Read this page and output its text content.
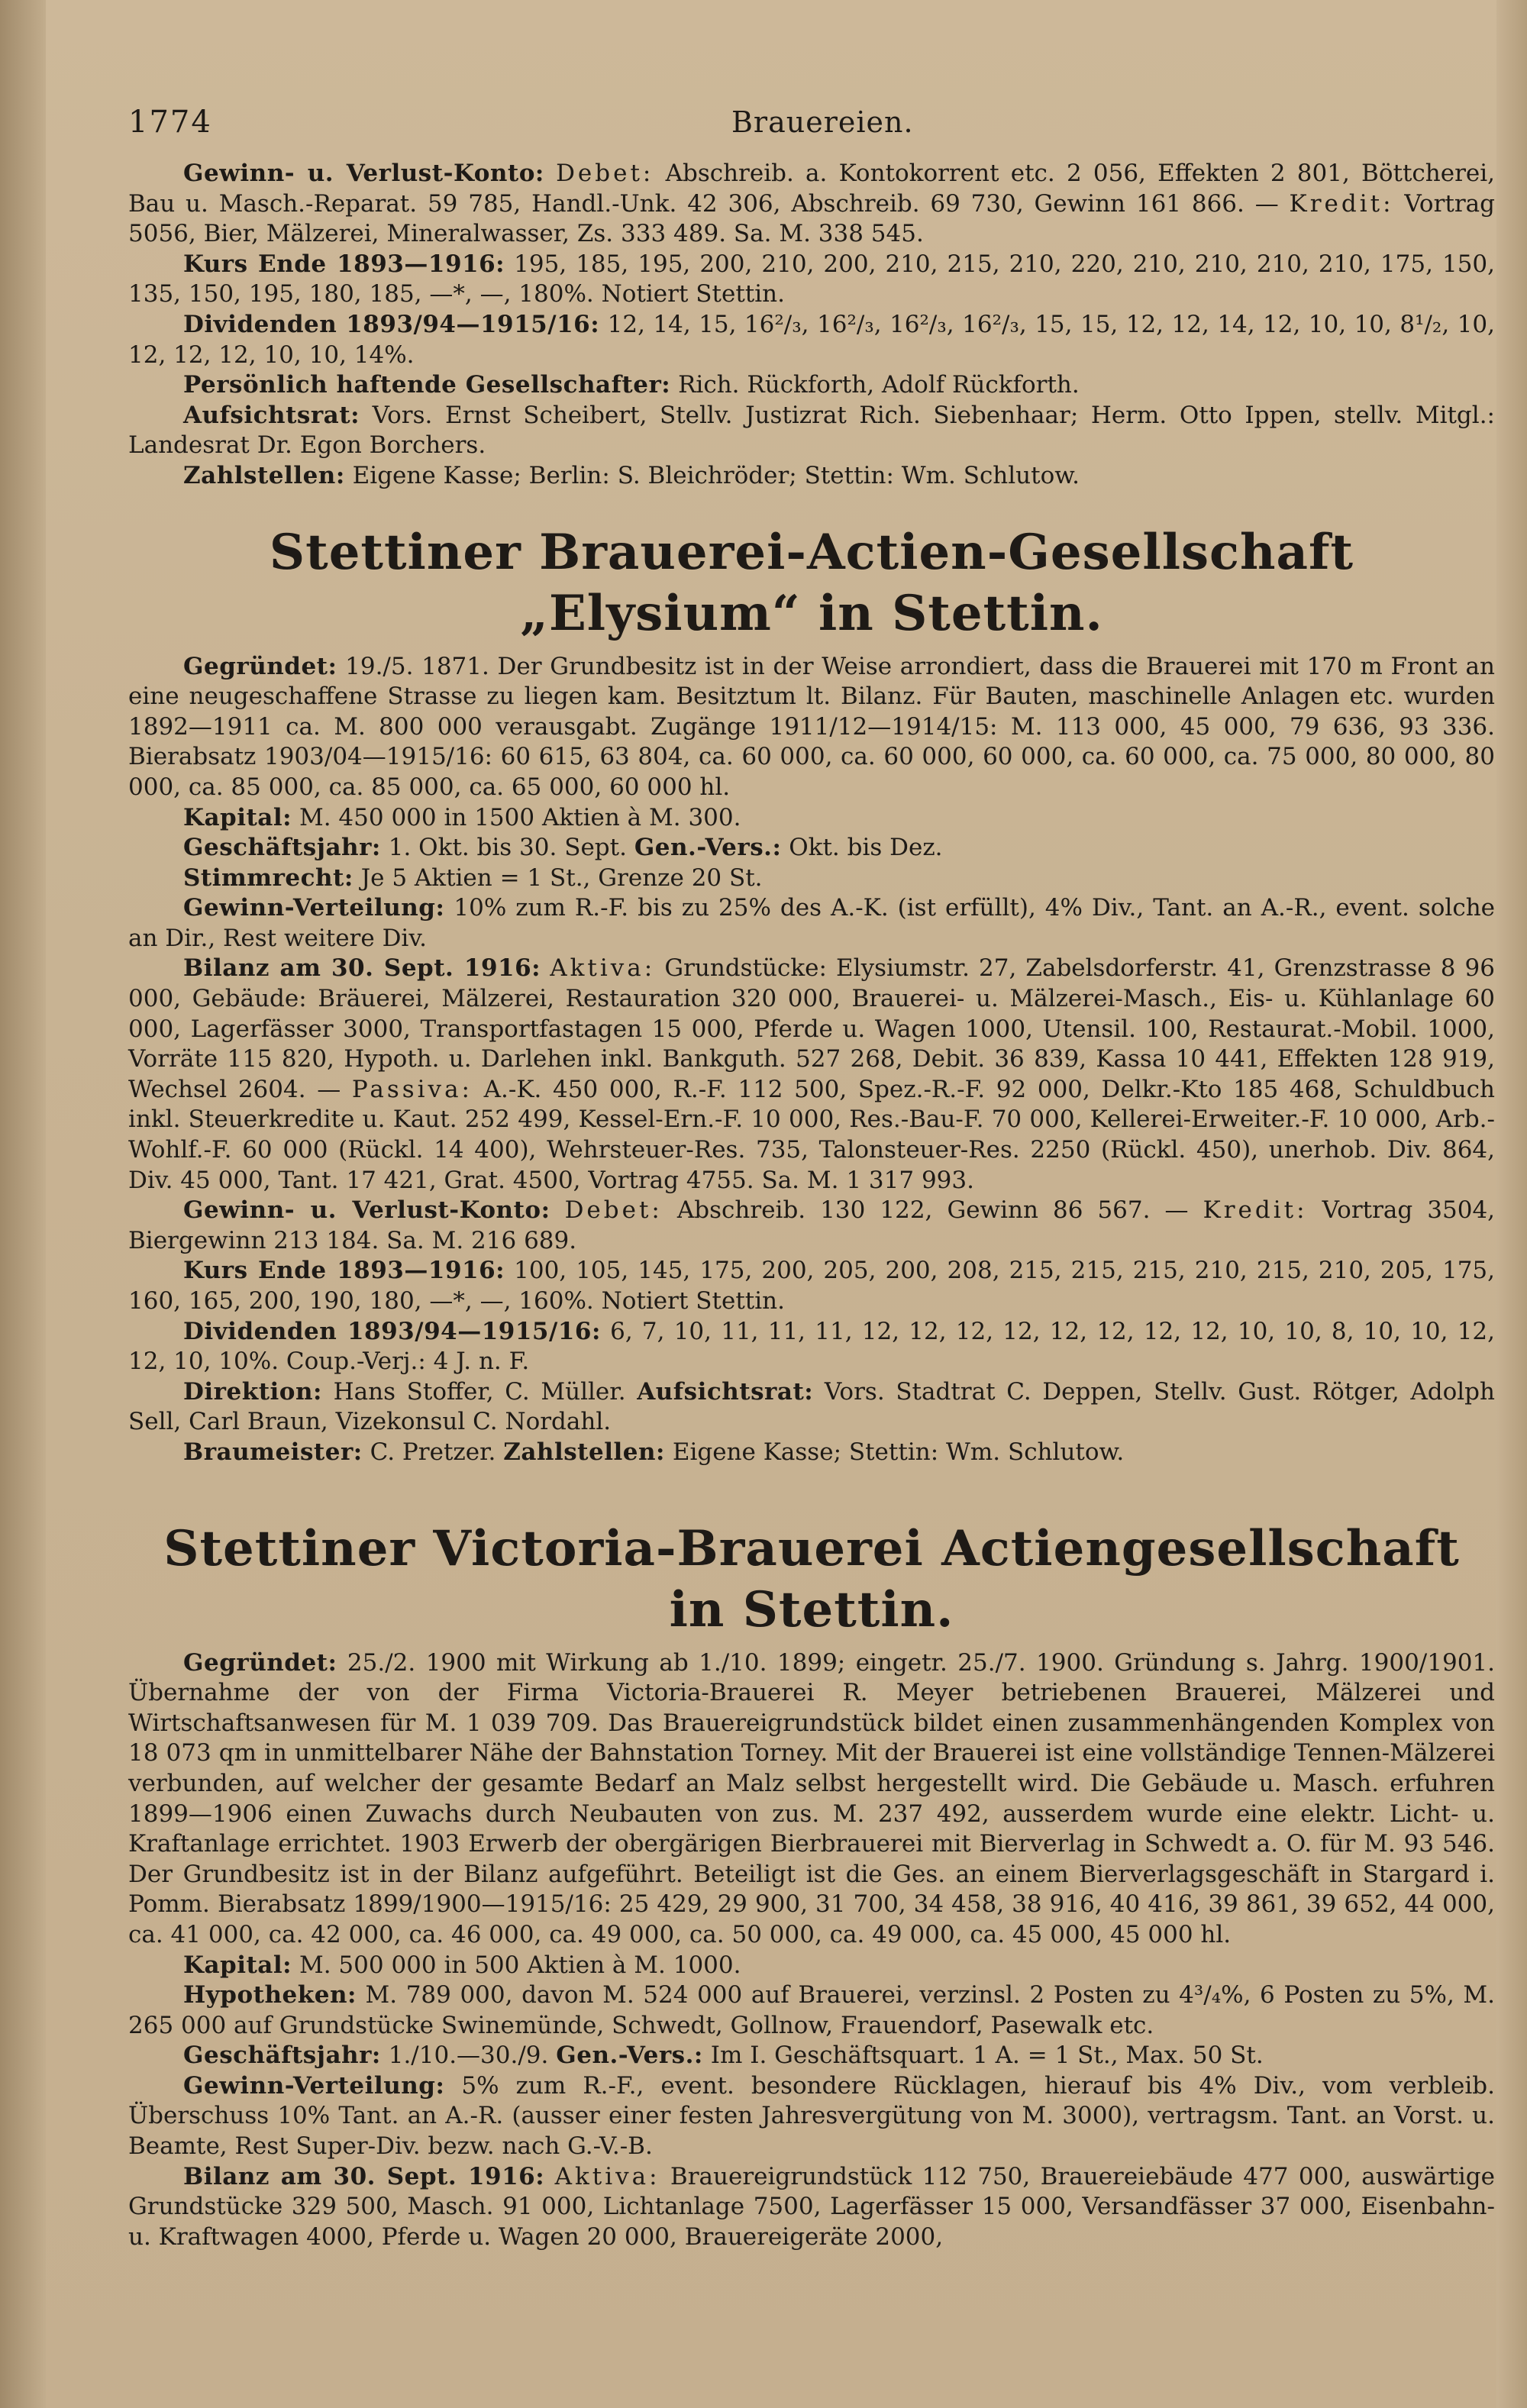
1774	Brauereien.

Gewinn- u. Verlust-Konto: Debet: Abschreib. a. Kontokorrent etc. 2 056, Effekten 2 801, Böttcherei, Bau u. Masch.-Reparat. 59 785, Handl.-Unk. 42 306, Abschreib. 69 730, Gewinn 161 866. — Kredit: Vortrag 5056, Bier, Mälzerei, Mineralwasser, Zs. 333 489. Sa. M. 338 545.

Kurs Ende 1893—1916: 195, 185, 195, 200, 210, 200, 210, 215, 210, 220, 210, 210, 210, 210, 175, 150, 135, 150, 195, 180, 185, —*, —, 180%. Notiert Stettin.

Dividenden 1893/94—1915/16: 12, 14, 15, 16²/₃, 16²/₃, 16²/₃, 16²/₃, 15, 15, 12, 12, 14, 12, 10, 10, 8¹/₂, 10, 12, 12, 12, 10, 10, 14%.

Persönlich haftende Gesellschafter: Rich. Rückforth, Adolf Rückforth.

Aufsichtsrat: Vors. Ernst Scheibert, Stellv. Justizrat Rich. Siebenhaar; Herm. Otto Ippen, stellv. Mitgl.: Landesrat Dr. Egon Borchers.

Zahlstellen: Eigene Kasse; Berlin: S. Bleichröder; Stettin: Wm. Schlutow.

Stettiner Brauerei-Actien-Gesellschaft „Elysium“ in Stettin.

Gegründet: 19./5. 1871. Der Grundbesitz ist in der Weise arrondiert, dass die Brauerei mit 170 m Front an eine neugeschaffene Strasse zu liegen kam. Besitztum lt. Bilanz. Für Bauten, maschinelle Anlagen etc. wurden 1892—1911 ca. M. 800 000 verausgabt. Zugänge 1911/12—1914/15: M. 113 000, 45 000, 79 636, 93 336. Bierabsatz 1903/04—1915/16: 60 615, 63 804, ca. 60 000, ca. 60 000, 60 000, ca. 60 000, ca. 75 000, 80 000, 80 000, ca. 85 000, ca. 85 000, ca. 65 000, 60 000 hl.

Kapital: M. 450 000 in 1500 Aktien à M. 300.

Geschäftsjahr: 1. Okt. bis 30. Sept. Gen.-Vers.: Okt. bis Dez.

Stimmrecht: Je 5 Aktien = 1 St., Grenze 20 St.

Gewinn-Verteilung: 10% zum R.-F. bis zu 25% des A.-K. (ist erfüllt), 4% Div., Tant. an A.-R., event. solche an Dir., Rest weitere Div.

Bilanz am 30. Sept. 1916: Aktiva: Grundstücke: Elysiumstr. 27, Zabelsdorferstr. 41, Grenzstrasse 8 96 000, Gebäude: Bräuerei, Mälzerei, Restauration 320 000, Brauerei- u. Mälzerei-Masch., Eis- u. Kühlanlage 60 000, Lagerfässer 3000, Transportfastagen 15 000, Pferde u. Wagen 1000, Utensil. 100, Restaurat.-Mobil. 1000, Vorräte 115 820, Hypoth. u. Darlehen inkl. Bankguth. 527 268, Debit. 36 839, Kassa 10 441, Effekten 128 919, Wechsel 2604. — Passiva: A.-K. 450 000, R.-F. 112 500, Spez.-R.-F. 92 000, Delkr.-Kto 185 468, Schuldbuch inkl. Steuerkredite u. Kaut. 252 499, Kessel-Ern.-F. 10 000, Res.-Bau-F. 70 000, Kellerei-Erweiter.-F. 10 000, Arb.-Wohlf.-F. 60 000 (Rückl. 14 400), Wehrsteuer-Res. 735, Talonsteuer-Res. 2250 (Rückl. 450), unerhob. Div. 864, Div. 45 000, Tant. 17 421, Grat. 4500, Vortrag 4755. Sa. M. 1 317 993.

Gewinn- u. Verlust-Konto: Debet: Abschreib. 130 122, Gewinn 86 567. — Kredit: Vortrag 3504, Biergewinn 213 184. Sa. M. 216 689.

Kurs Ende 1893—1916: 100, 105, 145, 175, 200, 205, 200, 208, 215, 215, 215, 210, 215, 210, 205, 175, 160, 165, 200, 190, 180, —*, —, 160%. Notiert Stettin.

Dividenden 1893/94—1915/16: 6, 7, 10, 11, 11, 11, 12, 12, 12, 12, 12, 12, 12, 12, 10, 10, 8, 10, 10, 12, 12, 10, 10%. Coup.-Verj.: 4 J. n. F.

Direktion: Hans Stoffer, C. Müller. Aufsichtsrat: Vors. Stadtrat C. Deppen, Stellv. Gust. Rötger, Adolph Sell, Carl Braun, Vizekonsul C. Nordahl.

Braumeister: C. Pretzer. Zahlstellen: Eigene Kasse; Stettin: Wm. Schlutow.

Stettiner Victoria-Brauerei Actiengesellschaft in Stettin.

Gegründet: 25./2. 1900 mit Wirkung ab 1./10. 1899; eingetr. 25./7. 1900. Gründung s. Jahrg. 1900/1901. Übernahme der von der Firma Victoria-Brauerei R. Meyer betriebenen Brauerei, Mälzerei und Wirtschaftsanwesen für M. 1 039 709. Das Brauereigrundstück bildet einen zusammenhängenden Komplex von 18 073 qm in unmittelbarer Nähe der Bahnstation Torney. Mit der Brauerei ist eine vollständige Tennen-Mälzerei verbunden, auf welcher der gesamte Bedarf an Malz selbst hergestellt wird. Die Gebäude u. Masch. erfuhren 1899—1906 einen Zuwachs durch Neubauten von zus. M. 237 492, ausserdem wurde eine elektr. Licht- u. Kraftanlage errichtet. 1903 Erwerb der obergärigen Bierbrauerei mit Bierverlag in Schwedt a. O. für M. 93 546. Der Grundbesitz ist in der Bilanz aufgeführt. Beteiligt ist die Ges. an einem Bierverlagsgeschäft in Stargard i. Pomm. Bierabsatz 1899/1900—1915/16: 25 429, 29 900, 31 700, 34 458, 38 916, 40 416, 39 861, 39 652, 44 000, ca. 41 000, ca. 42 000, ca. 46 000, ca. 49 000, ca. 50 000, ca. 49 000, ca. 45 000, 45 000 hl.

Kapital: M. 500 000 in 500 Aktien à M. 1000.

Hypotheken: M. 789 000, davon M. 524 000 auf Brauerei, verzinsl. 2 Posten zu 4³/₄%, 6 Posten zu 5%, M. 265 000 auf Grundstücke Swinemünde, Schwedt, Gollnow, Frauendorf, Pasewalk etc.

Geschäftsjahr: 1./10.—30./9. Gen.-Vers.: Im I. Geschäftsquart. 1 A. = 1 St., Max. 50 St.

Gewinn-Verteilung: 5% zum R.-F., event. besondere Rücklagen, hierauf bis 4% Div., vom verbleib. Überschuss 10% Tant. an A.-R. (ausser einer festen Jahresvergütung von M. 3000), vertragsm. Tant. an Vorst. u. Beamte, Rest Super-Div. bezw. nach G.-V.-B.

Bilanz am 30. Sept. 1916: Aktiva: Brauereigrundstück 112 750, Brauereiebäude 477 000, auswärtige Grundstücke 329 500, Masch. 91 000, Lichtanlage 7500, Lagerfässer 15 000, Versandfässer 37 000, Eisenbahn- u. Kraftwagen 4000, Pferde u. Wagen 20 000, Brauereigeräte 2000,
